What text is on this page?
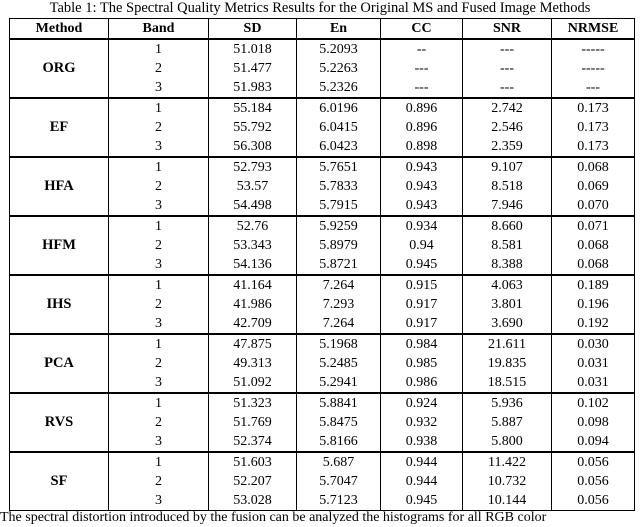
Table 1: The Spectral Quality Metrics Results for the Original MS and Fused Image Methods
Method	Band	SD	En	CC	SNR	NRMSE
ORG	1	51.018	5.2093	--	---	-----
	2	51.477	5.2263	---	---	-----
	3	51.983	5.2326	---	---	---
EF	1	55.184	6.0196	0.896	2.742	0.173
	2	55.792	6.0415	0.896	2.546	0.173
	3	56.308	6.0423	0.898	2.359	0.173
HFA	1	52.793	5.7651	0.943	9.107	0.068
	2	53.57	5.7833	0.943	8.518	0.069
	3	54.498	5.7915	0.943	7.946	0.070
HFM	1	52.76	5.9259	0.934	8.660	0.071
	2	53.343	5.8979	0.94	8.581	0.068
	3	54.136	5.8721	0.945	8.388	0.068
IHS	1	41.164	7.264	0.915	4.063	0.189
	2	41.986	7.293	0.917	3.801	0.196
	3	42.709	7.264	0.917	3.690	0.192
PCA	1	47.875	5.1968	0.984	21.611	0.030
	2	49.313	5.2485	0.985	19.835	0.031
	3	51.092	5.2941	0.986	18.515	0.031
RVS	1	51.323	5.8841	0.924	5.936	0.102
	2	51.769	5.8475	0.932	5.887	0.098
	3	52.374	5.8166	0.938	5.800	0.094
SF	1	51.603	5.687	0.944	11.422	0.056
	2	52.207	5.7047	0.944	10.732	0.056
	3	53.028	5.7123	0.945	10.144	0.056
The spectral distortion introduced by the fusion can be analyzed the histograms for all RGB color
